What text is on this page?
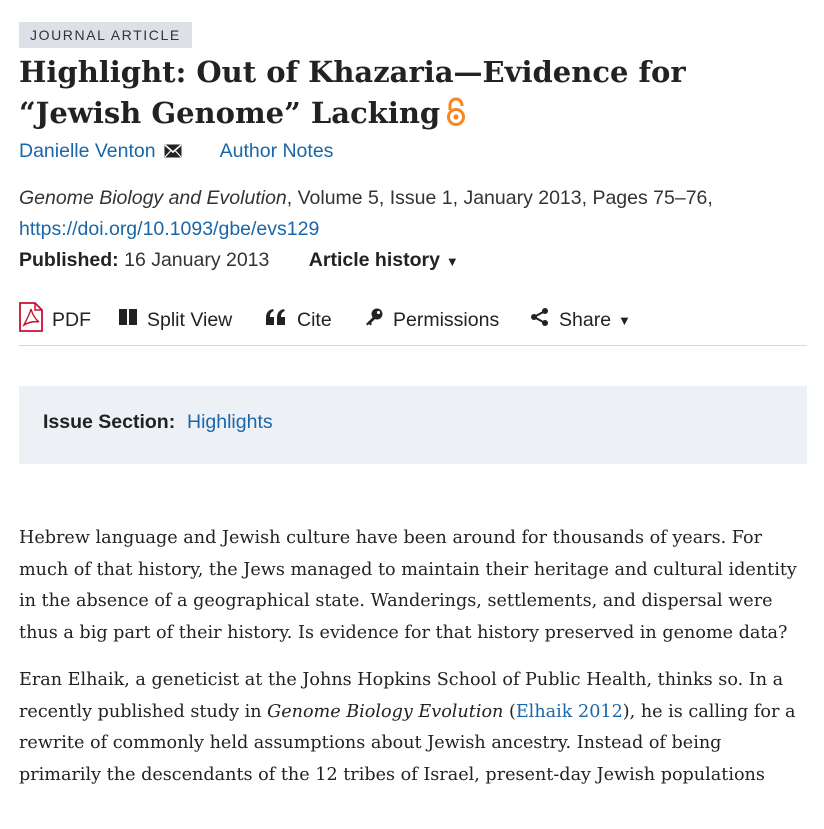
JOURNAL ARTICLE
Highlight: Out of Khazaria—Evidence for “Jewish Genome” Lacking
Danielle Venton	Author Notes
Genome Biology and Evolution, Volume 5, Issue 1, January 2013, Pages 75–76,
https://doi.org/10.1093/gbe/evs129
Published: 16 January 2013 Article history ▼
PDF	Split View	Cite	Permissions	Share ▼
Issue Section: Highlights

Hebrew language and Jewish culture have been around for thousands of years. For much of that history, the Jews managed to maintain their heritage and cultural identity in the absence of a geographical state. Wanderings, settlements, and dispersal were thus a big part of their history. Is evidence for that history preserved in genome data?

Eran Elhaik, a geneticist at the Johns Hopkins School of Public Health, thinks so. In a recently published study in Genome Biology Evolution (Elhaik 2012), he is calling for a rewrite of commonly held assumptions about Jewish ancestry. Instead of being primarily the descendants of the 12 tribes of Israel, present-day Jewish populations
